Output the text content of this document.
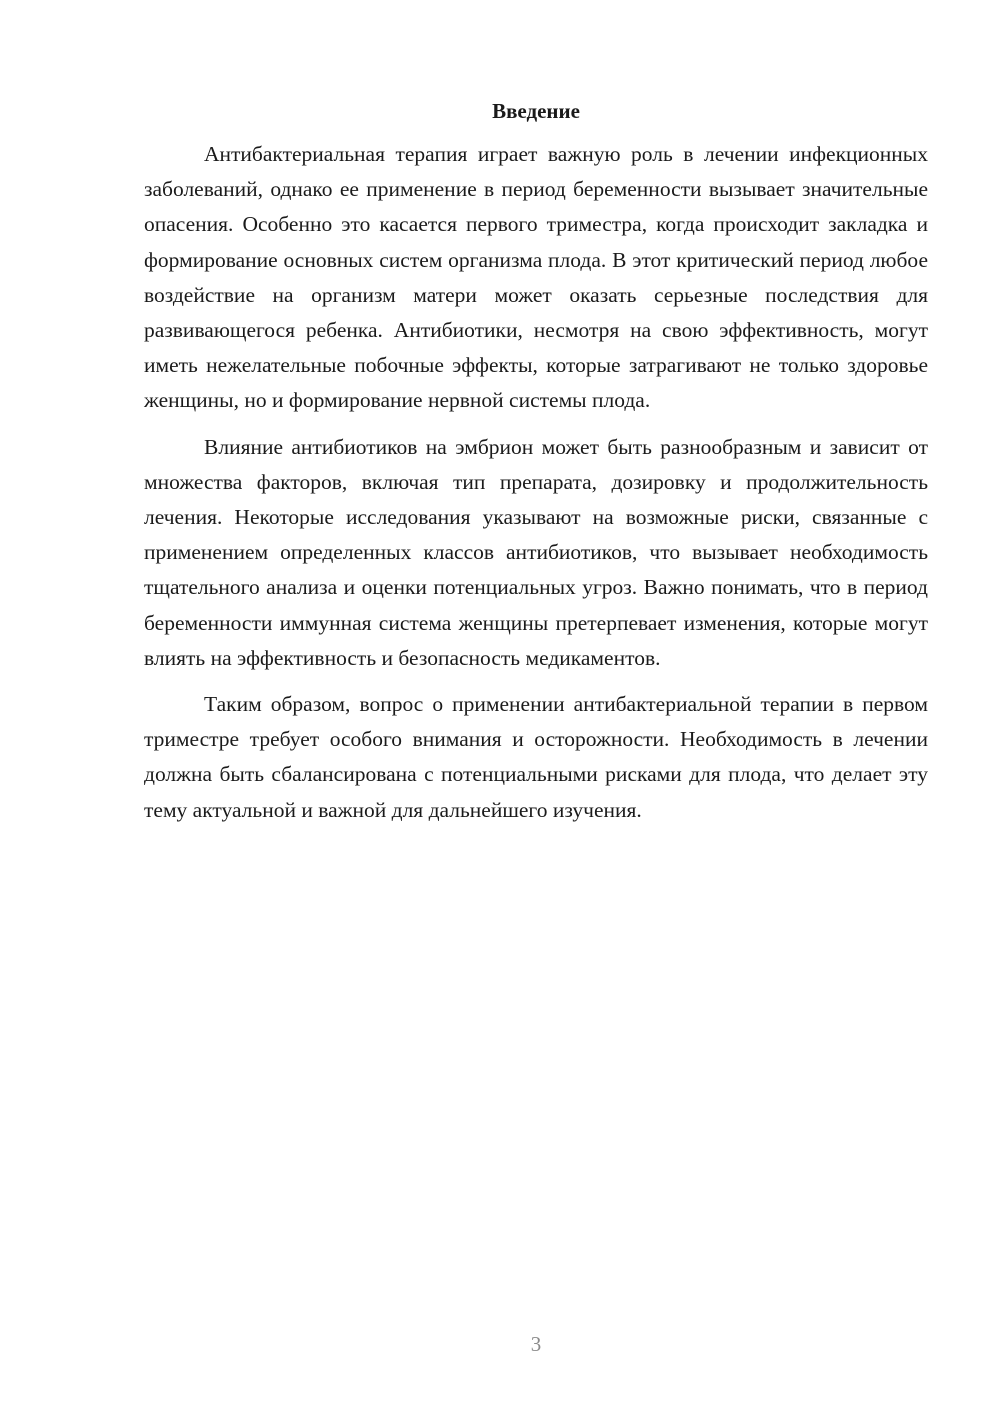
Введение

Антибактериальная терапия играет важную роль в лечении инфекционных заболеваний, однако ее применение в период беременности вызывает значительные опасения. Особенно это касается первого триместра, когда происходит закладка и формирование основных систем организма плода. В этот критический период любое воздействие на организм матери может оказать серьезные последствия для развивающегося ребенка. Антибиотики, несмотря на свою эффективность, могут иметь нежелательные побочные эффекты, которые затрагивают не только здоровье женщины, но и формирование нервной системы плода.

Влияние антибиотиков на эмбрион может быть разнообразным и зависит от множества факторов, включая тип препарата, дозировку и продолжительность лечения. Некоторые исследования указывают на возможные риски, связанные с применением определенных классов антибиотиков, что вызывает необходимость тщательного анализа и оценки потенциальных угроз. Важно понимать, что в период беременности иммунная система женщины претерпевает изменения, которые могут влиять на эффективность и безопасность медикаментов.

Таким образом, вопрос о применении антибактериальной терапии в первом триместре требует особого внимания и осторожности. Необходимость в лечении должна быть сбалансирована с потенциальными рисками для плода, что делает эту тему актуальной и важной для дальнейшего изучения.

3
